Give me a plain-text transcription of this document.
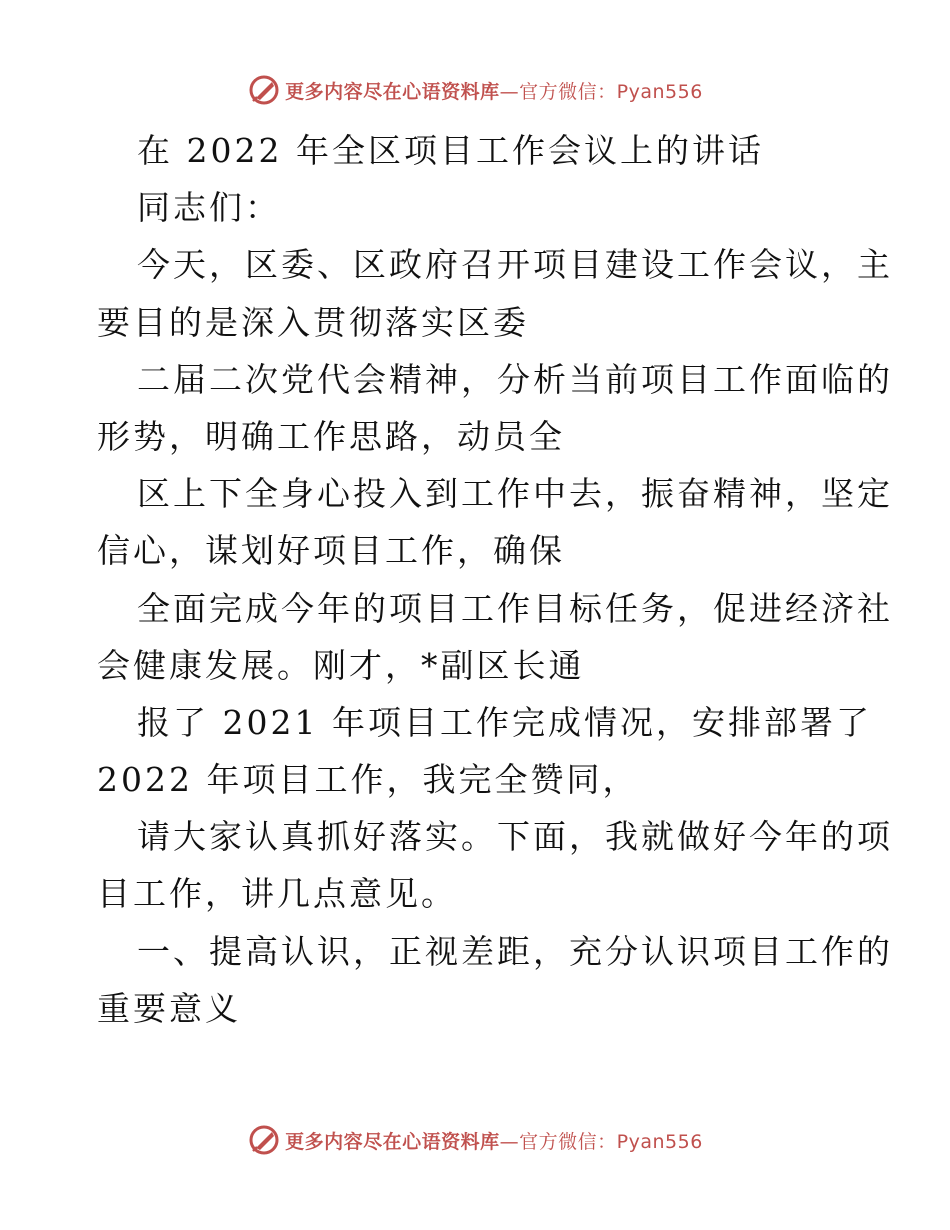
更多内容尽在心语资料库—官方微信：Pyan556
在 2022 年全区项目工作会议上的讲话
同志们：
今天，区委、区政府召开项目建设工作会议，主
要目的是深入贯彻落实区委
二届二次党代会精神，分析当前项目工作面临的
形势，明确工作思路，动员全
区上下全身心投入到工作中去，振奋精神，坚定
信心，谋划好项目工作，确保
全面完成今年的项目工作目标任务，促进经济社
会健康发展。刚才，*副区长通
报了 2021 年项目工作完成情况，安排部署了
2022 年项目工作，我完全赞同，
请大家认真抓好落实。下面，我就做好今年的项
目工作，讲几点意见。
一、提高认识，正视差距，充分认识项目工作的
重要意义
更多内容尽在心语资料库—官方微信：Pyan556
